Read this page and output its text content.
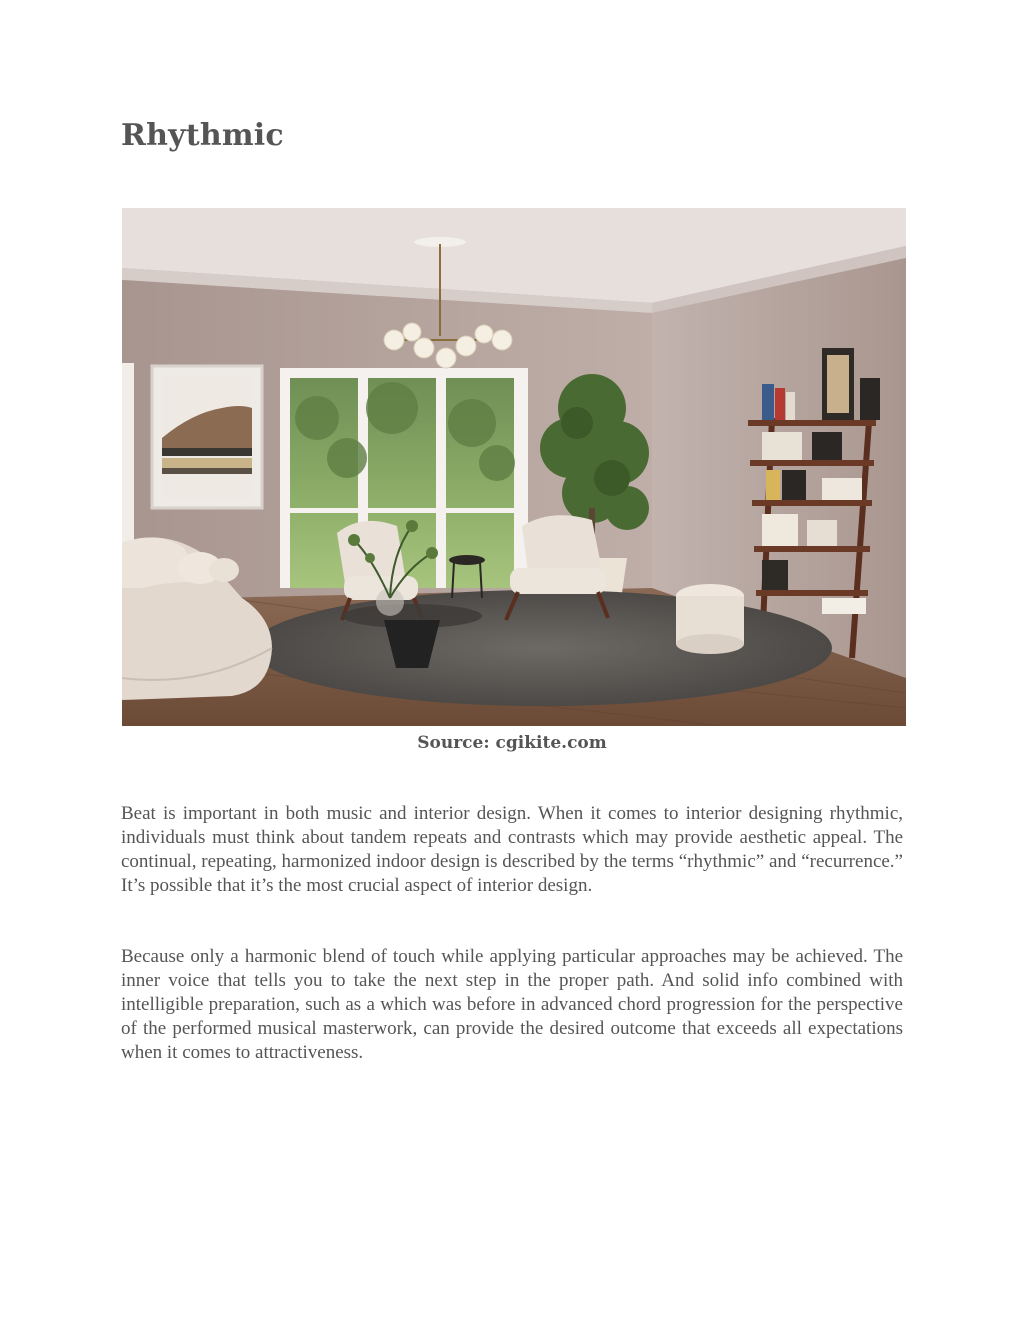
Rhythmic
Source: cgikite.com

Beat is important in both music and interior design. When it comes to interior designing rhythmic, individuals must think about tandem repeats and contrasts which may provide aesthetic appeal. The continual, repeating, harmonized indoor design is described by the terms “rhythmic” and “recurrence.” It’s possible that it’s the most crucial aspect of interior design.

Because only a harmonic blend of touch while applying particular approaches may be achieved. The inner voice that tells you to take the next step in the proper path. And solid info combined with intelligible preparation, such as a which was before in advanced chord progression for the perspective of the performed musical masterwork, can provide the desired outcome that exceeds all expectations when it comes to attractiveness.
